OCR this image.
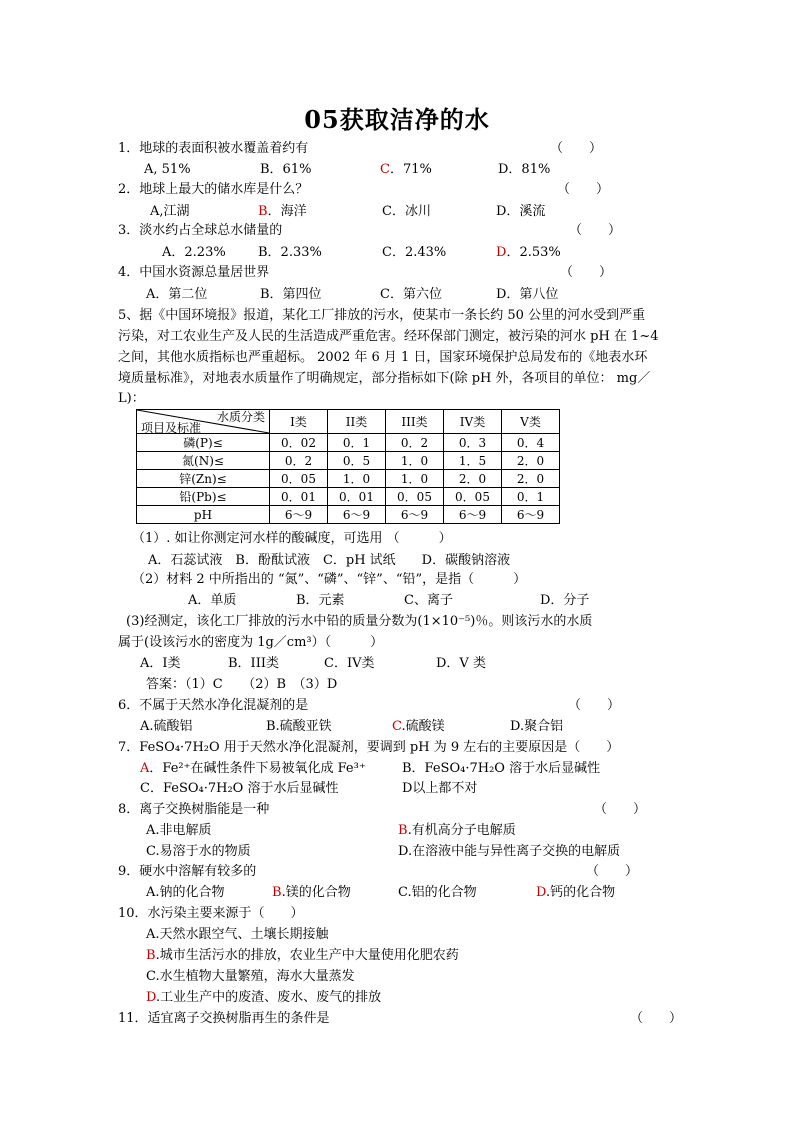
05获取洁净的水
1．地球的表面积被水覆盖着约有	（　　）
A, 51%	B．61%	C．71%	D．81%
2．地球上最大的储水库是什么？	（　　）
A,江湖	B．海洋	C．冰川	D．溪流
3．淡水约占全球总水储量的	（　　）
A．2.23% B．2.33%	C．2.43%	D．2.53%
4．中国水资源总量居世界	（　　）
A．第二位	B．第四位	C．第六位	D．第八位
5、据《中国环境报》报道，某化工厂排放的污水，使某市一条长约 50 公里的河水受到严重
污染，对工农业生产及人民的生活造成严重危害。经环保部门测定，被污染的河水 pH 在 1~4
之间，其他水质指标也严重超标。 2002 年 6 月 1 日，国家环境保护总局发布的《地表水环
境质量标准》，对地表水质量作了明确规定，部分指标如下(除 pH 外，各项目的单位： mg／
L)：
水质分类
项目及标准	I类	II类	III类	IV类	V类
磷(P)≤	0．02	0．1	0．2	0．3	0．4
氮(N)≤	0．2	0．5	1．0	1．5	2．0
锌(Zn)≤	0．05	1．0	1．0	2．0	2．0
铅(Pb)≤	0．01	0．01	0．05	0．05	0．1
pH	6～9	6～9	6～9	6～9	6～9
（1）. 如让你测定河水样的酸碱度，可选用 （　　　）
A．石蕊试液　B．酚酞试液　C．pH 试纸　　D．碳酸钠溶液
（2）材料 2 中所指出的 “氮”、“磷”、“锌”、“铅”，是指（　　　）
A．单质	B．元素	C、离子	D．分子
(3)经测定，该化工厂排放的污水中铅的质量分数为(1×10⁻⁵)％。则该污水的水质
属于(设该污水的密度为 1g／cm³）（　　　）
A．I类	B．III类	C．IV类	D．V 类
答案：（1）C　　（2）B　（3）D
6．不属于天然水净化混凝剂的是	（　　）
A.硫酸铝	B.硫酸亚铁	C.硫酸镁	D.聚合铝
7．FeSO₄·7H₂O 用于天然水净化混凝剂，要调到 pH 为 9 左右的主要原因是（　　）
A．Fe²⁺在碱性条件下易被氧化成 Fe³⁺	B．FeSO₄·7H₂O 溶于水后显碱性
C．FeSO₄·7H₂O 溶于水后显碱性	D以上都不对
8．离子交换树脂能是一种	（　　）
A.非电解质	B.有机高分子电解质
C.易溶于水的物质	D.在溶液中能与异性离子交换的电解质
9．硬水中溶解有较多的	（　　）
A.钠的化合物	B.镁的化合物	C.铝的化合物	D.钙的化合物
10．水污染主要来源于（　　）
A.天然水跟空气、土壤长期接触
B.城市生活污水的排放，农业生产中大量使用化肥农药
C.水生植物大量繁殖，海水大量蒸发
D.工业生产中的废渣、废水、废气的排放
11．适宜离子交换树脂再生的条件是	（　　）
